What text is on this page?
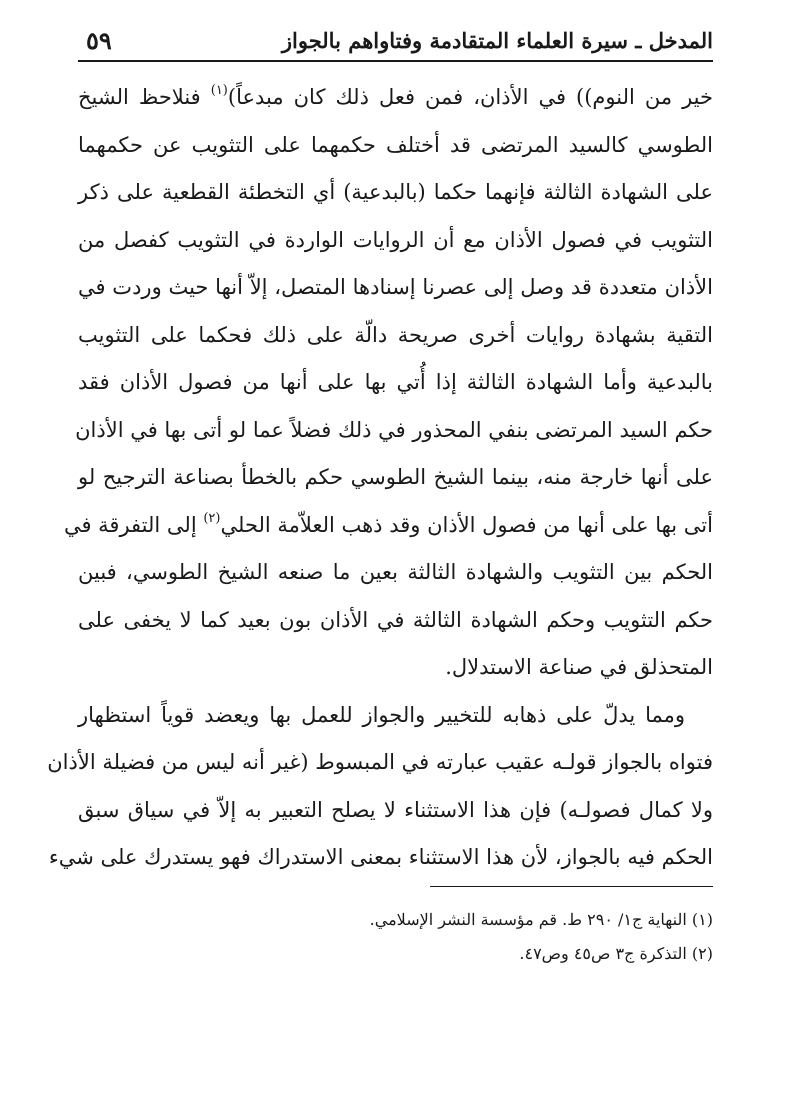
المدخل ـ سيرة العلماء المتقادمة وفتاواهم بالجواز
٥٩
خير من النوم)) في الأذان، فمن فعل ذلك كان مبدعاً)$^{(١)}$ فنلاحظ الشيخ
الطوسي كالسيد المرتضى قد أختلف حكمهما على التثويب عن حكمهما
على الشهادة الثالثة فإنهما حكما (بالبدعية) أي التخطئة القطعية على ذكر
التثويب في فصول الأذان مع أن الروايات الواردة في التثويب كفصل من
الأذان متعددة قد وصل إلى عصرنا إسنادها المتصل، إلاّ أنها حيث وردت في
التقية بشهادة روايات أخرى صريحة دالّة على ذلك فحكما على التثويب
بالبدعية وأما الشهادة الثالثة إذا أُتي بها على أنها من فصول الأذان فقد
حكم السيد المرتضى بنفي المحذور في ذلك فضلاً عما لو أتى بها في الأذان
على أنها خارجة منه، بينما الشيخ الطوسي حكم بالخطأ بصناعة الترجيح لو
أتى بها على أنها من فصول الأذان وقد ذهب العلاّمة الحلي$^{(٢)}$ إلى التفرقة في
الحكم بين التثويب والشهادة الثالثة بعين ما صنعه الشيخ الطوسي، فبين
حكم التثويب وحكم الشهادة الثالثة في الأذان بون بعيد كما لا يخفى على
المتحذلق في صناعة الاستدلال.
ومما يدلّ على ذهابه للتخيير والجواز للعمل بها ويعضد قوياً استظهار
فتواه بالجواز قولـه عقيب عبارته في المبسوط (غير أنه ليس من فضيلة الأذان
ولا كمال فصولـه) فإن هذا الاستثناء لا يصلح التعبير به إلاّ في سياق سبق
الحكم فيه بالجواز، لأن هذا الاستثناء بمعنى الاستدراك فهو يستدرك على شيء
(١) النهاية ج١/ ٢٩٠ ط. قم مؤسسة النشر الإسلامي.
(٢) التذكرة ج٣ ص٤٥ وص٤٧.
